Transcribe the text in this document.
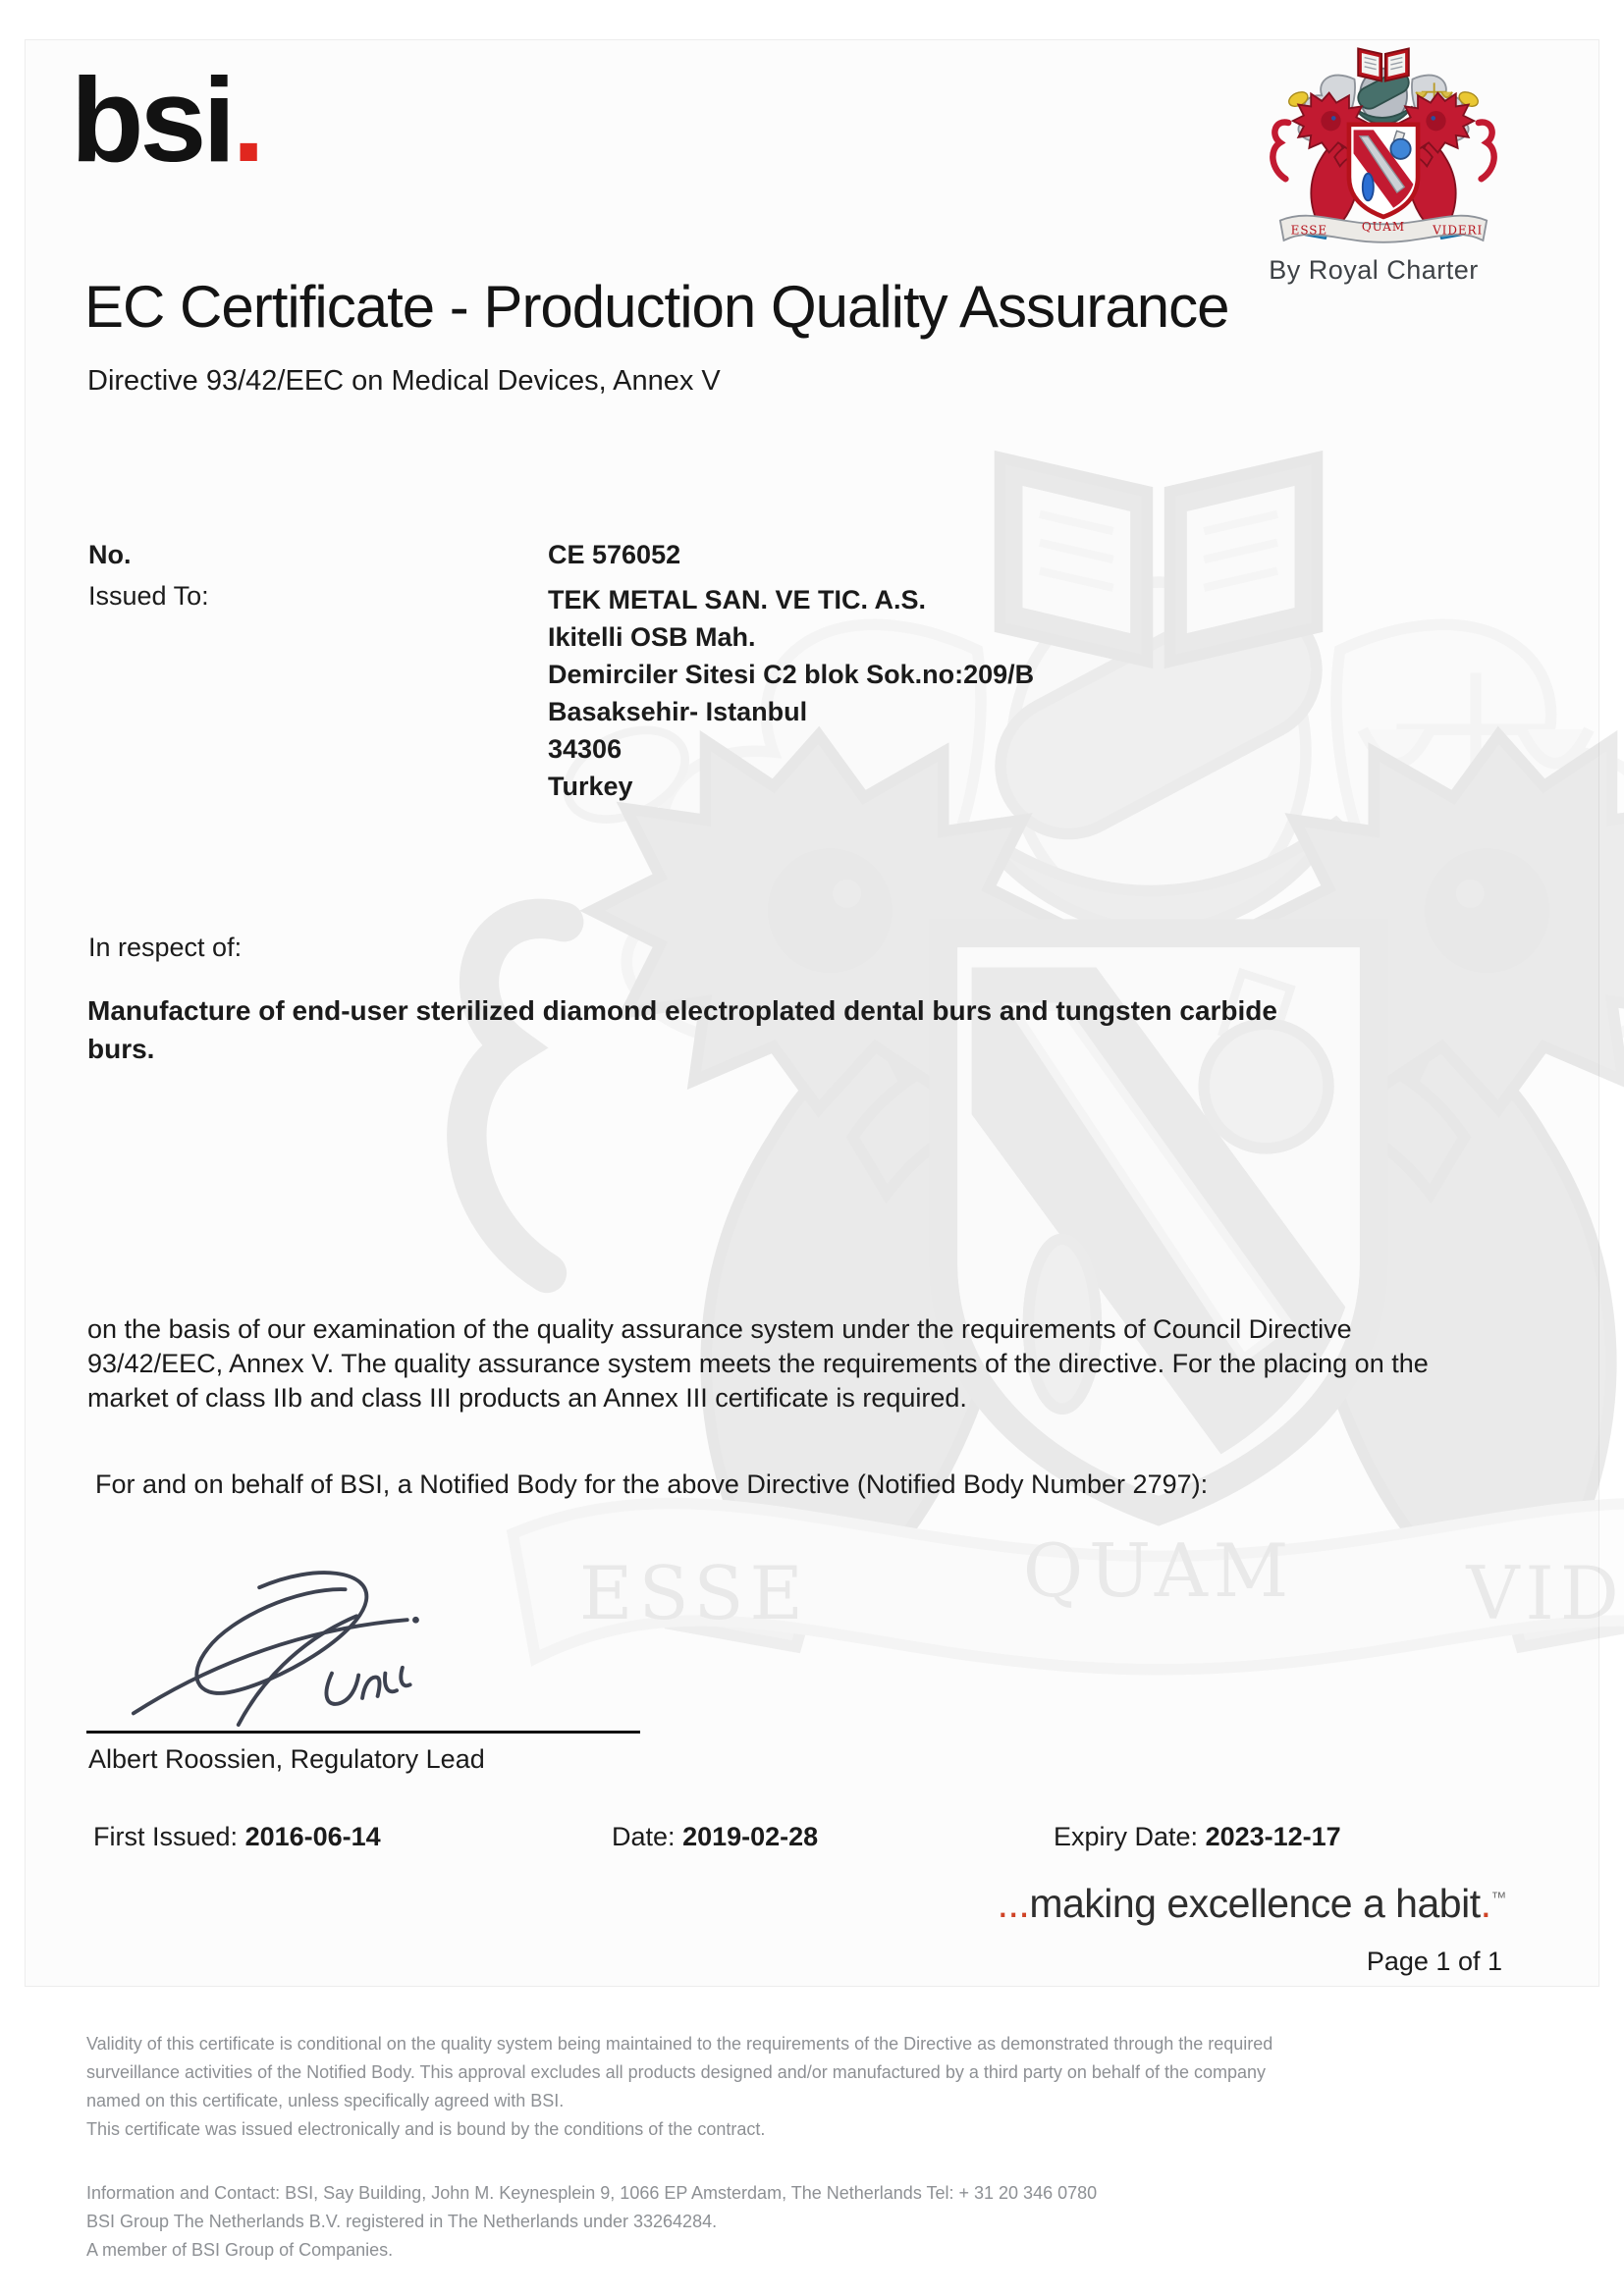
bsi.
By Royal Charter
EC Certificate - Production Quality Assurance
Directive 93/42/EEC on Medical Devices, Annex V
No.	CE 576052
Issued To:	TEK METAL SAN. VE TIC. A.S.
Ikitelli OSB Mah.
Demirciler Sitesi C2 blok Sok.no:209/B
Basaksehir- Istanbul
34306
Turkey
In respect of:
Manufacture of end-user sterilized diamond electroplated dental burs and tungsten carbide
burs.
on the basis of our examination of the quality assurance system under the requirements of Council Directive
93/42/EEC, Annex V. The quality assurance system meets the requirements of the directive. For the placing on the
market of class IIb and class III products an Annex III certificate is required.
For and on behalf of BSI, a Notified Body for the above Directive (Notified Body Number 2797):
Albert Roossien, Regulatory Lead
First Issued: 2016-06-14	Date: 2019-02-28	Expiry Date: 2023-12-17
...making excellence a habit.™
Page 1 of 1
Validity of this certificate is conditional on the quality system being maintained to the requirements of the Directive as demonstrated through the required
surveillance activities of the Notified Body. This approval excludes all products designed and/or manufactured by a third party on behalf of the company
named on this certificate, unless specifically agreed with BSI.
This certificate was issued electronically and is bound by the conditions of the contract.
Information and Contact: BSI, Say Building, John M. Keynesplein 9, 1066 EP Amsterdam, The Netherlands Tel: + 31 20 346 0780
BSI Group The Netherlands B.V. registered in The Netherlands under 33264284.
A member of BSI Group of Companies.
